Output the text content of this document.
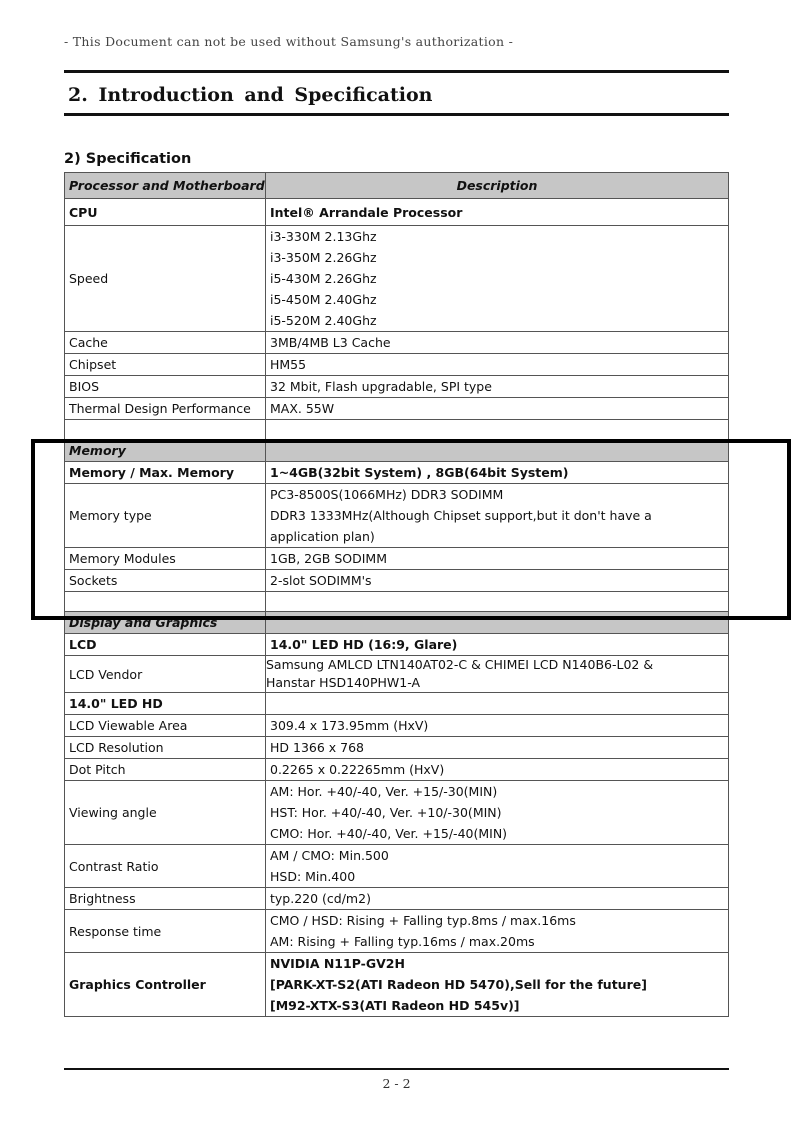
- This Document can not be used without Samsung's authorization -
2. Introduction and Specification
2) Specification
Processor and Motherboard	Description
CPU	Intel® Arrandale Processor
Speed	i3-330M 2.13Ghz
i3-350M 2.26Ghz
i5-430M 2.26Ghz
i5-450M 2.40Ghz
i5-520M 2.40Ghz

Cache	3MB/4MB L3 Cache
Chipset	HM55
BIOS	32 Mbit, Flash upgradable, SPI type
Thermal Design Performance	MAX. 55W

Memory	
Memory / Max. Memory	1~4GB(32bit System) , 8GB(64bit System)
Memory type	PC3-8500S(1066MHz) DDR3 SODIMM
DDR3 1333MHz(Although Chipset support,but it don't have a
application plan)

Memory Modules	1GB, 2GB SODIMM
Sockets	2-slot SODIMM's

Display and Graphics	
LCD	14.0" LED HD (16:9, Glare)
LCD Vendor	Samsung AMLCD LTN140AT02-C & CHIMEI LCD N140B6-L02 &
Hanstar HSD140PHW1-A

14.0" LED HD	
LCD Viewable Area	309.4 x 173.95mm (HxV)
LCD Resolution	HD 1366 x 768
Dot Pitch	0.2265 x 0.22265mm (HxV)
Viewing angle	AM: Hor. +40/-40, Ver. +15/-30(MIN)
HST: Hor. +40/-40, Ver. +10/-30(MIN)
CMO: Hor. +40/-40, Ver. +15/-40(MIN)

Contrast Ratio	AM / CMO: Min.500
HSD: Min.400

Brightness	typ.220 (cd/m2)
Response time	CMO / HSD: Rising + Falling typ.8ms / max.16ms
AM: Rising + Falling typ.16ms / max.20ms

Graphics Controller	NVIDIA N11P-GV2H
[PARK-XT-S2(ATI Radeon HD 5470),Sell for the future]
[M92-XTX-S3(ATI Radeon HD 545v)]
2 - 2
